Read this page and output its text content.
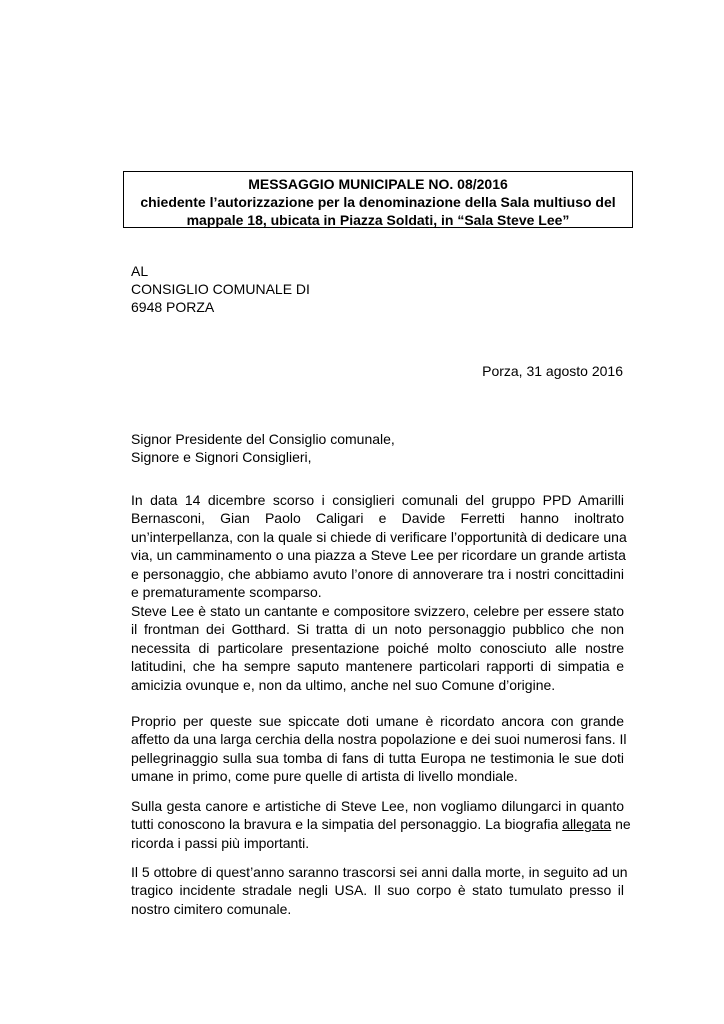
MESSAGGIO MUNICIPALE NO. 08/2016
chiedente l’autorizzazione per la denominazione della Sala multiuso del
mappale 18, ubicata in Piazza Soldati, in “Sala Steve Lee”
AL
CONSIGLIO COMUNALE DI
6948 PORZA
Porza, 31 agosto 2016
Signor Presidente del Consiglio comunale,
Signore e Signori Consiglieri,
In data 14 dicembre scorso i consiglieri comunali del gruppo PPD Amarilli
Bernasconi, Gian Paolo Caligari e Davide Ferretti hanno inoltrato
un’interpellanza, con la quale si chiede di verificare l’opportunità di dedicare una
via, un camminamento o una piazza a Steve Lee per ricordare un grande artista
e personaggio, che abbiamo avuto l’onore di annoverare tra i nostri concittadini
e prematuramente scomparso.
Steve Lee è stato un cantante e compositore svizzero, celebre per essere stato
il frontman dei Gotthard. Si tratta di un noto personaggio pubblico che non
necessita di particolare presentazione poiché molto conosciuto alle nostre
latitudini, che ha sempre saputo mantenere particolari rapporti di simpatia e
amicizia ovunque e, non da ultimo, anche nel suo Comune d’origine.
Proprio per queste sue spiccate doti umane è ricordato ancora con grande
affetto da una larga cerchia della nostra popolazione e dei suoi numerosi fans. Il
pellegrinaggio sulla sua tomba di fans di tutta Europa ne testimonia le sue doti
umane in primo, come pure quelle di artista di livello mondiale.
Sulla gesta canore e artistiche di Steve Lee, non vogliamo dilungarci in quanto
tutti conoscono la bravura e la simpatia del personaggio. La biografia allegata ne
ricorda i passi più importanti.
Il 5 ottobre di quest’anno saranno trascorsi sei anni dalla morte, in seguito ad un
tragico incidente stradale negli USA. Il suo corpo è stato tumulato presso il
nostro cimitero comunale.
